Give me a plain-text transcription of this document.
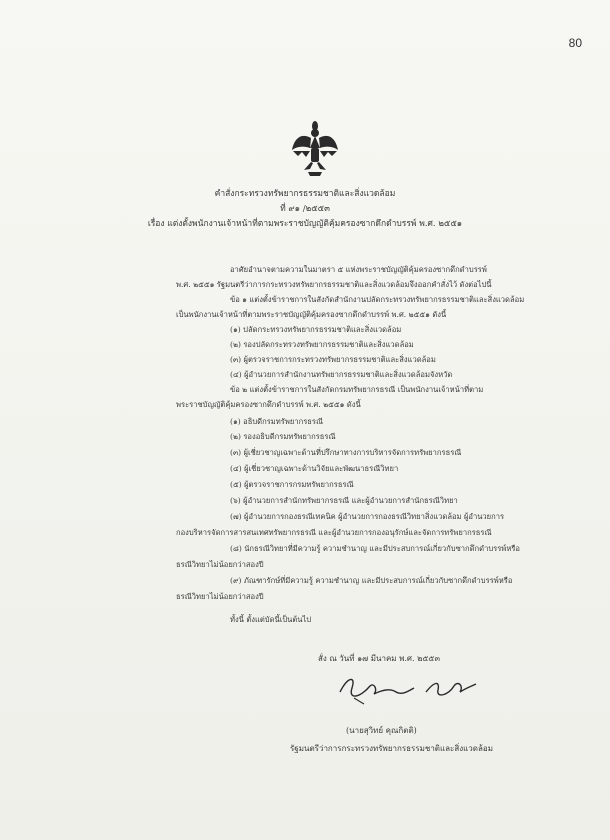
80
คำสั่งกระทรวงทรัพยากรธรรมชาติและสิ่งแวดล้อม
ที่ ๙๑ /๒๕๕๓
เรื่อง แต่งตั้งพนักงานเจ้าหน้าที่ตามพระราชบัญญัติคุ้มครองซากดึกดำบรรพ์ พ.ศ. ๒๕๕๑
อาศัยอำนาจตามความในมาตรา ๕ แห่งพระราชบัญญัติคุ้มครองซากดึกดำบรรพ์
พ.ศ. ๒๕๕๑ รัฐมนตรีว่าการกระทรวงทรัพยากรธรรมชาติและสิ่งแวดล้อมจึงออกคำสั่งไว้ ดังต่อไปนี้
ข้อ ๑ แต่งตั้งข้าราชการในสังกัดสำนักงานปลัดกระทรวงทรัพยากรธรรมชาติและสิ่งแวดล้อม
เป็นพนักงานเจ้าหน้าที่ตามพระราชบัญญัติคุ้มครองซากดึกดำบรรพ์ พ.ศ. ๒๕๕๑ ดังนี้
(๑) ปลัดกระทรวงทรัพยากรธรรมชาติและสิ่งแวดล้อม
(๒) รองปลัดกระทรวงทรัพยากรธรรมชาติและสิ่งแวดล้อม
(๓) ผู้ตรวจราชการกระทรวงทรัพยากรธรรมชาติและสิ่งแวดล้อม
(๔) ผู้อำนวยการสำนักงานทรัพยากรธรรมชาติและสิ่งแวดล้อมจังหวัด
ข้อ ๒ แต่งตั้งข้าราชการในสังกัดกรมทรัพยากรธรณี เป็นพนักงานเจ้าหน้าที่ตาม
พระราชบัญญัติคุ้มครองซากดึกดำบรรพ์ พ.ศ. ๒๕๕๑ ดังนี้
(๑) อธิบดีกรมทรัพยากรธรณี
(๒) รองอธิบดีกรมทรัพยากรธรณี
(๓) ผู้เชี่ยวชาญเฉพาะด้านที่ปรึกษาทางการบริหารจัดการทรัพยากรธรณี
(๔) ผู้เชี่ยวชาญเฉพาะด้านวิจัยและพัฒนาธรณีวิทยา
(๕) ผู้ตรวจราชการกรมทรัพยากรธรณี
(๖) ผู้อำนวยการสำนักทรัพยากรธรณี และผู้อำนวยการสำนักธรณีวิทยา
(๗) ผู้อำนวยการกองธรณีเทคนิค ผู้อำนวยการกองธรณีวิทยาสิ่งแวดล้อม ผู้อำนวยการ
กองบริหารจัดการสารสนเทศทรัพยากรธรณี และผู้อำนวยการกองอนุรักษ์และจัดการทรัพยากรธรณี
(๘) นักธรณีวิทยาที่มีความรู้ ความชำนาญ และมีประสบการณ์เกี่ยวกับซากดึกดำบรรพ์หรือ
ธรณีวิทยาไม่น้อยกว่าสองปี
(๙) ภัณฑารักษ์ที่มีความรู้ ความชำนาญ และมีประสบการณ์เกี่ยวกับซากดึกดำบรรพ์หรือ
ธรณีวิทยาไม่น้อยกว่าสองปี
ทั้งนี้ ตั้งแต่บัดนี้เป็นต้นไป
สั่ง ณ วันที่ ๑๗ มีนาคม พ.ศ. ๒๕๕๓
(นายสุวิทย์ คุณกิตติ)
รัฐมนตรีว่าการกระทรวงทรัพยากรธรรมชาติและสิ่งแวดล้อม
